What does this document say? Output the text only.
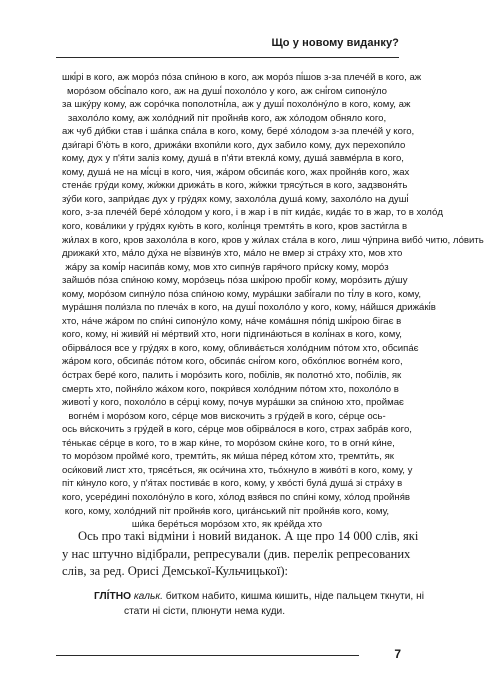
Що у новому виданку?
шкі́рі в кого, аж моро́з по́за спи́ною в кого, аж моро́з пі́шов з-за плече́й в кого, аж
моро́зом обсі́пало кого, аж на душі́ похоло́ло у кого, аж сні́гом сипону́ло
за шку́ру кому, аж соро́чка пополотні́ла, аж у душі́ похоло́ну́ло в кого, кому, аж
захоло́ло кому, аж холо́дний піт пройня́в кого, аж хо́лодом обняло кого,
аж чуб ди́бки став і ша́пка спа́ла в кого, кому, бере́ хо́лодом з-за плече́й у кого,
дзи́гарі б'ю́ть в кого, дрижа́ки вхопи́ли кого, дух забило кому, дух перехопи́ло
кому, дух у п'я́ти заліз кому, душа́ в п'я́ти втекла́ кому, душа́ завме́рла в кого,
кому, душа́ не на мі́сці в кого, чия, жа́ром обсипа́є кого, жах пройня́в кого, жах
стена́є гру́ди кому, жи́жки дрижа́ть в кого, жи́жки трясу́ться в кого, задзвоня́ть
зу́би кого, запри́дає дух у гру́дях кому, захоло́ла душа́ кому, захоло́ло на душі́
кого, з-за плече́й бере́ хо́лодом у кого, і в жар і в піт кида́є, кида́є то в жар, то в холо́д
кого, кова́лики у гру́дях кую́ть в кого, колі́нця тремтя́ть в кого, кров засти́гла в
жи́лах в кого, кров захоло́ла в кого, кров у жи́лах ста́ла в кого, лиш чу́прина вибо́ читю, ло́вить
дрижаки́ хто, ма́ло ду́ха не ві́звину́в хто, ма́ло не вмер зі стра́ху хто, мов хто
жа́ру за комі́р насипа́в кому, мов хто сипну́в гаря́чого при́ску кому, моро́з
зайшо́в по́за спи́ною кому, моро́зець по́за шкі́рою пробі́г кому, моро́зить ду́шу
кому, моро́зом сипну́ло по́за спи́ною кому, мура́шки забі́гали по ті́лу в кого, кому,
мура́шня поли́зла по плеча́х в кого, на душі́ похоло́ло у кого, кому, на́йшся дрижа́кі́в
хто, на́че жа́ром по спи́ні сипону́ло кому, на́че кома́шня по́пiд шкі́рою бігає в
кого, кому, ні живи́й ні ме́ртвий хто, ноги підгина́ються в колі́нах в кого, кому,
обірва́лося все у гру́дях в кого, кому, облива́ється холо́дним по́том хто, обсипа́є
жа́ром кого, обсипа́є по́том кого, обсипа́є сні́гом кого, обхо́плює вогне́м кого,
о́страх бере́ кого, палить і моро́зить кого, побілів, як полотно́ хто, побілів, як
смерть хто, пойня́ло жа́хом кого, покри́вся холо́дним по́том хто, похоло́ло в
животі́ у кого, похоло́ло в се́рці кому, почув мура́шки за спи́ною хто, проймає
вогне́м і моро́зом кого, се́рце мов вискочить з гру́дей в кого, се́рце ось-
ось ви́скочить з гру́дей в кого, се́рце мов обірва́лося в кого, страх забра́в кого,
те́нькає се́рце в кого, то в жар ки́не, то моро́зом ски́не кого, то в огни́ ки́не,
то моро́зом пройме́ кого, тремти́ть, як ми́ша пе́ред ко́том хто, тремти́ть, як
оси́ковий лист хто, трясе́ться, як оси́чина хто, тьо́хнуло в живо́ті в кого, кому, у
піт ки́нуло кого, у п'я́тах постива́є в кого, кому, у хво́сті була́ душа́ зі стра́ху в
кого, усере́дині похоло́ну́ло в кого, хо́лод взя́вся по спи́ні кому, хо́лод пройня́в
кого, кому, холо́дний піт пройня́в кого, цига́нський піт пройня́в кого, кому,
ши́ка бере́ться моро́зом хто, як кре́йда хто
Ось про такі відміни і новий виданок. А ще про 14 000 слів, які
у нас штучно відібрали, репресували (див. перелік репресованих
слів, за ред. Орисі Демської-Кульчицької):
ГЛІ́ТНО кальк. битком набито, кишма кишить, ніде пальцем ткнути, ні
стати ні сісти, плюнути нема куди.
7
